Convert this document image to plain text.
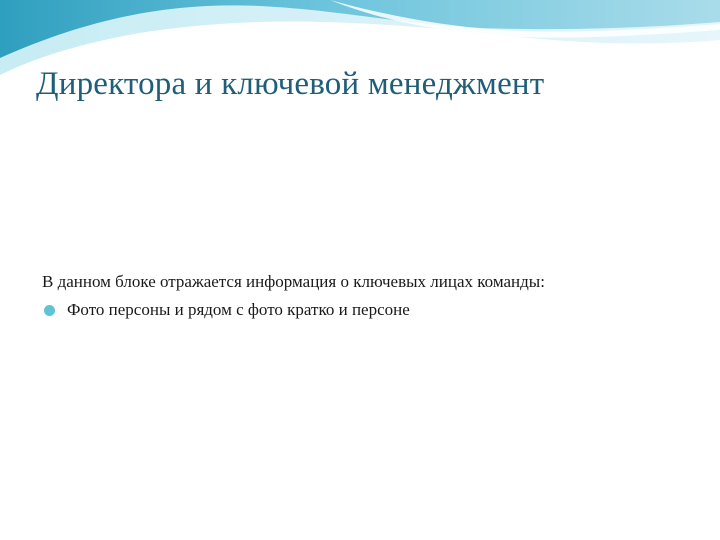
Директора и ключевой менеджмент
В данном блоке отражается информация о ключевых лицах команды:
Фото персоны и рядом с фото кратко и персоне
